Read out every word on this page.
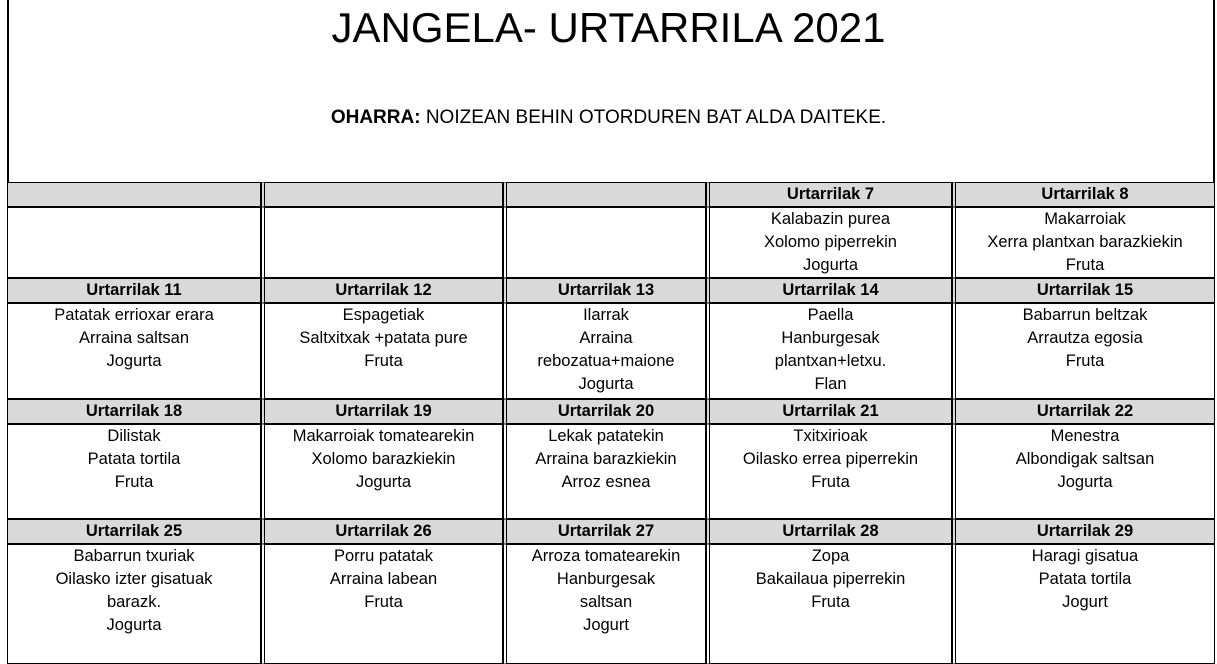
JANGELA- URTARRILA 2021
OHARRA: NOIZEAN BEHIN OTORDUREN BAT ALDA DAITEKE.
			Urtarrilak 7	Urtarrilak 8

			Kalabazin purea
Xolomo piperrekin
Jogurta	Makarroiak
Xerra plantxan barazkiekin
Fruta

Urtarrilak 11	Urtarrilak 12	Urtarrilak 13	Urtarrilak 14	Urtarrilak 15

Patatak errioxar erara
Arraina saltsan
Jogurta	Espagetiak
Saltxitxak +patata pure
Fruta	Ilarrak
Arraina
rebozatua+maione
Jogurta	Paella
Hanburgesak
plantxan+letxu.
Flan	Babarrun beltzak
Arrautza egosia
Fruta

Urtarrilak 18	Urtarrilak 19	Urtarrilak 20	Urtarrilak 21	Urtarrilak 22

Dilistak
Patata tortila
Fruta	Makarroiak tomatearekin
Xolomo barazkiekin
Jogurta	Lekak patatekin
Arraina barazkiekin
Arroz esnea	Txitxirioak
Oilasko errea piperrekin
Fruta	Menestra
Albondigak saltsan
Jogurta

Urtarrilak 25	Urtarrilak 26	Urtarrilak 27	Urtarrilak 28	Urtarrilak 29

Babarrun txuriak
Oilasko izter gisatuak
barazk.
Jogurta	Porru patatak
Arraina labean
Fruta	Arroza tomatearekin
Hanburgesak
saltsan
Jogurt	Zopa
Bakailaua piperrekin
Fruta	Haragi gisatua
Patata tortila
Jogurt
